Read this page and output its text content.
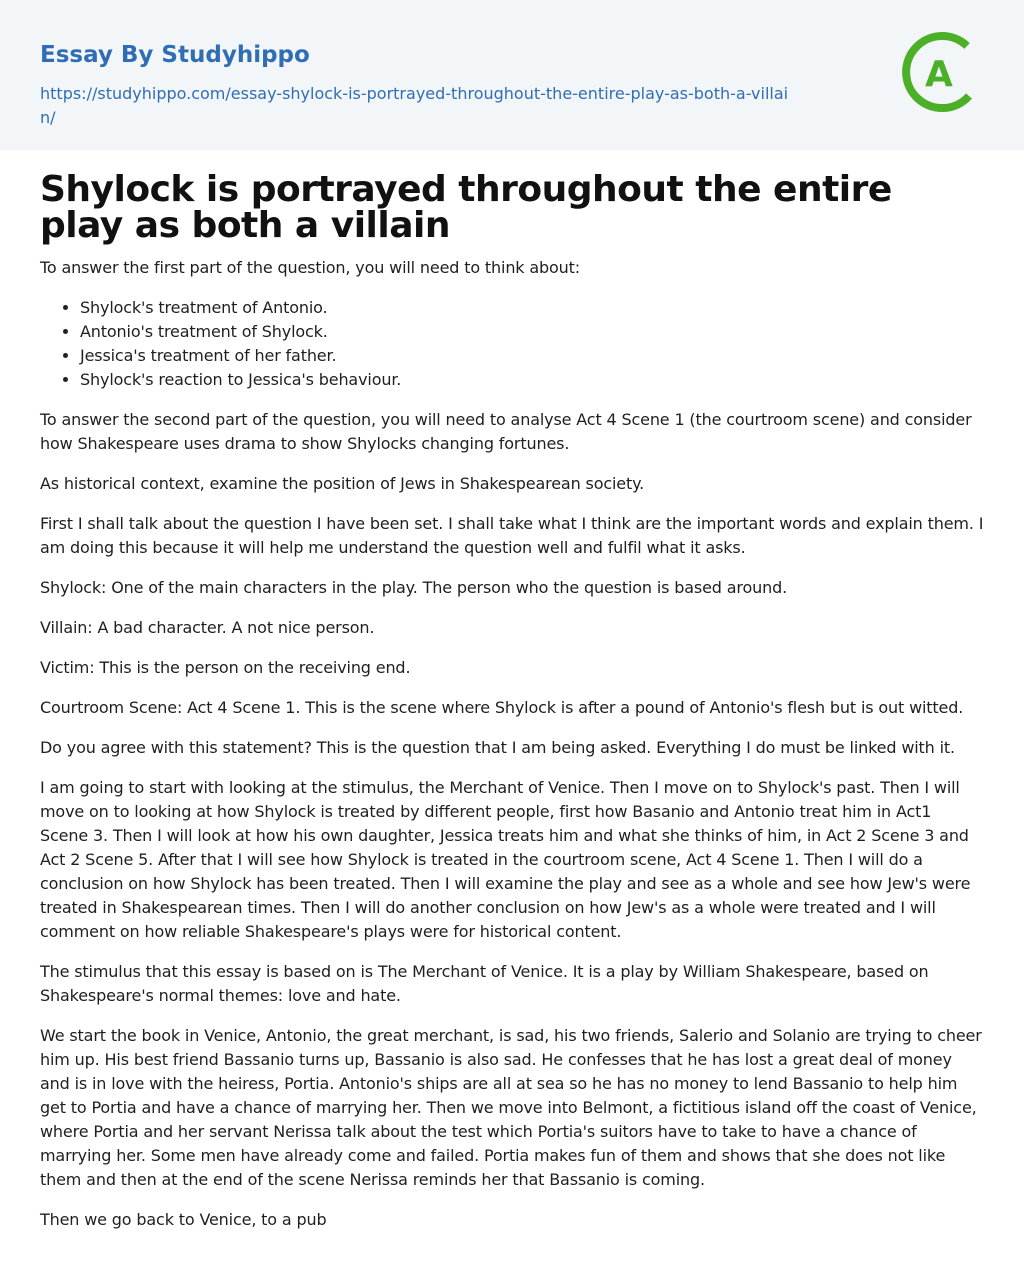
Essay By Studyhippo
https://studyhippo.com/essay-shylock-is-portrayed-throughout-the-entire-play-as-both-a-villain/
A
Shylock is portrayed throughout the entire play as both a villain

To answer the first part of the question, you will need to think about:

• Shylock's treatment of Antonio.
• Antonio's treatment of Shylock.
• Jessica's treatment of her father.
• Shylock's reaction to Jessica's behaviour.

To answer the second part of the question, you will need to analyse Act 4 Scene 1 (the courtroom scene) and consider how Shakespeare uses drama to show Shylocks changing fortunes.

As historical context, examine the position of Jews in Shakespearean society.

First I shall talk about the question I have been set. I shall take what I think are the important words and explain them. I am doing this because it will help me understand the question well and fulfil what it asks.

Shylock: One of the main characters in the play. The person who the question is based around.

Villain: A bad character. A not nice person.

Victim: This is the person on the receiving end.

Courtroom Scene: Act 4 Scene 1. This is the scene where Shylock is after a pound of Antonio's flesh but is out witted.

Do you agree with this statement? This is the question that I am being asked. Everything I do must be linked with it.

I am going to start with looking at the stimulus, the Merchant of Venice. Then I move on to Shylock's past. Then I will move on to looking at how Shylock is treated by different people, first how Basanio and Antonio treat him in Act1 Scene 3. Then I will look at how his own daughter, Jessica treats him and what she thinks of him, in Act 2 Scene 3 and Act 2 Scene 5. After that I will see how Shylock is treated in the courtroom scene, Act 4 Scene 1. Then I will do a conclusion on how Shylock has been treated. Then I will examine the play and see as a whole and see how Jew's were treated in Shakespearean times. Then I will do another conclusion on how Jew's as a whole were treated and I will comment on how reliable Shakespeare's plays were for historical content.

The stimulus that this essay is based on is The Merchant of Venice. It is a play by William Shakespeare, based on Shakespeare's normal themes: love and hate.

We start the book in Venice, Antonio, the great merchant, is sad, his two friends, Salerio and Solanio are trying to cheer him up. His best friend Bassanio turns up, Bassanio is also sad. He confesses that he has lost a great deal of money and is in love with the heiress, Portia. Antonio's ships are all at sea so he has no money to lend Bassanio to help him get to Portia and have a chance of marrying her. Then we move into Belmont, a fictitious island off the coast of Venice, where Portia and her servant Nerissa talk about the test which Portia's suitors have to take to have a chance of marrying her. Some men have already come and failed. Portia makes fun of them and shows that she does not like them and then at the end of the scene Nerissa reminds her that Bassanio is coming.

Then we go back to Venice, to a pub
